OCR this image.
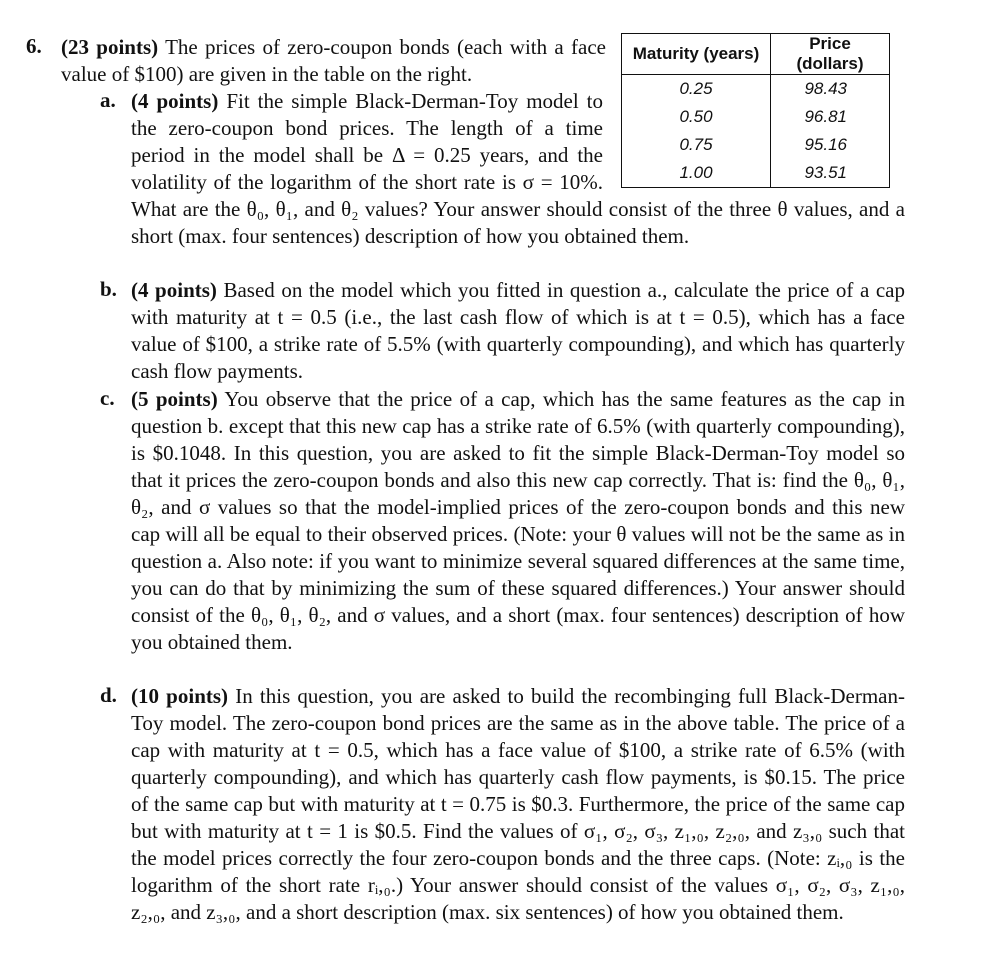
6. (23 points) The prices of zero-coupon bonds (each with a face value of $100) are given in the table on the right.
Maturity (years)	Price (dollars)
0.25	98.43
0.50	96.81
0.75	95.16
1.00	93.51
a. (4 points) Fit the simple Black-Derman-Toy model to the zero-coupon bond prices. The length of a time period in the model shall be Δ = 0.25 years, and the volatility of the logarithm of the short rate is σ = 10%. What are the θ₀, θ₁, and θ₂ values? Your answer should consist of the three θ values, and a short (max. four sentences) description of how you obtained them.
b. (4 points) Based on the model which you fitted in question a., calculate the price of a cap with maturity at t = 0.5 (i.e., the last cash flow of which is at t = 0.5), which has a face value of $100, a strike rate of 5.5% (with quarterly compounding), and which has quarterly cash flow payments.
c. (5 points) You observe that the price of a cap, which has the same features as the cap in question b. except that this new cap has a strike rate of 6.5% (with quarterly compounding), is $0.1048. In this question, you are asked to fit the simple Black-Derman-Toy model so that it prices the zero-coupon bonds and also this new cap correctly. That is: find the θ₀, θ₁, θ₂, and σ values so that the model-implied prices of the zero-coupon bonds and this new cap will all be equal to their observed prices. (Note: your θ values will not be the same as in question a. Also note: if you want to minimize several squared differences at the same time, you can do that by minimizing the sum of these squared differences.) Your answer should consist of the θ₀, θ₁, θ₂, and σ values, and a short (max. four sentences) description of how you obtained them.
d. (10 points) In this question, you are asked to build the recombinging full Black-Derman-Toy model. The zero-coupon bond prices are the same as in the above table. The price of a cap with maturity at t = 0.5, which has a face value of $100, a strike rate of 6.5% (with quarterly compounding), and which has quarterly cash flow payments, is $0.15. The price of the same cap but with maturity at t = 0.75 is $0.3. Furthermore, the price of the same cap but with maturity at t = 1 is $0.5. Find the values of σ₁, σ₂, σ₃, z₁,₀, z₂,₀, and z₃,₀ such that the model prices correctly the four zero-coupon bonds and the three caps. (Note: zᵢ,₀ is the logarithm of the short rate rᵢ,₀.) Your answer should consist of the values σ₁, σ₂, σ₃, z₁,₀, z₂,₀, and z₃,₀, and a short description (max. six sentences) of how you obtained them.
